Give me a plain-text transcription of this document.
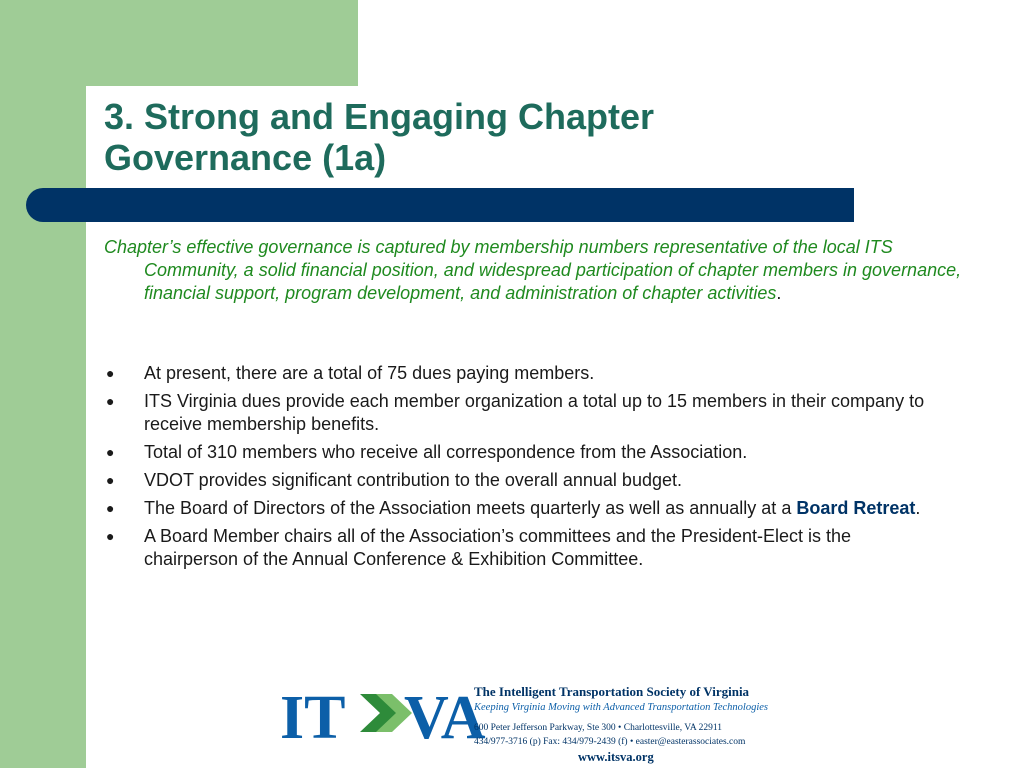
3. Strong and Engaging Chapter
Governance (1a)

Chapter’s effective governance is captured by membership numbers representative of the local ITS Community, a solid financial position, and widespread participation of chapter members in governance, financial support, program development, and administration of chapter activities.

● At present, there are a total of 75 dues paying members.
● ITS Virginia dues provide each member organization a total up to 15 members in their company to receive membership benefits.
● Total of 310 members who receive all correspondence from the Association.
● VDOT provides significant contribution to the overall annual budget.
● The Board of Directors of the Association meets quarterly as well as annually at a Board Retreat.
● A Board Member chairs all of the Association’s committees and the President-Elect is the chairperson of the Annual Conference & Exhibition Committee.
IT VA
The Intelligent Transportation Society of Virginia
Keeping Virginia Moving with Advanced Transportation Technologies
600 Peter Jefferson Parkway, Ste 300 • Charlottesville, VA 22911
434/977-3716 (p) Fax: 434/979-2439 (f) • easter@easterassociates.com
www.itsva.org
